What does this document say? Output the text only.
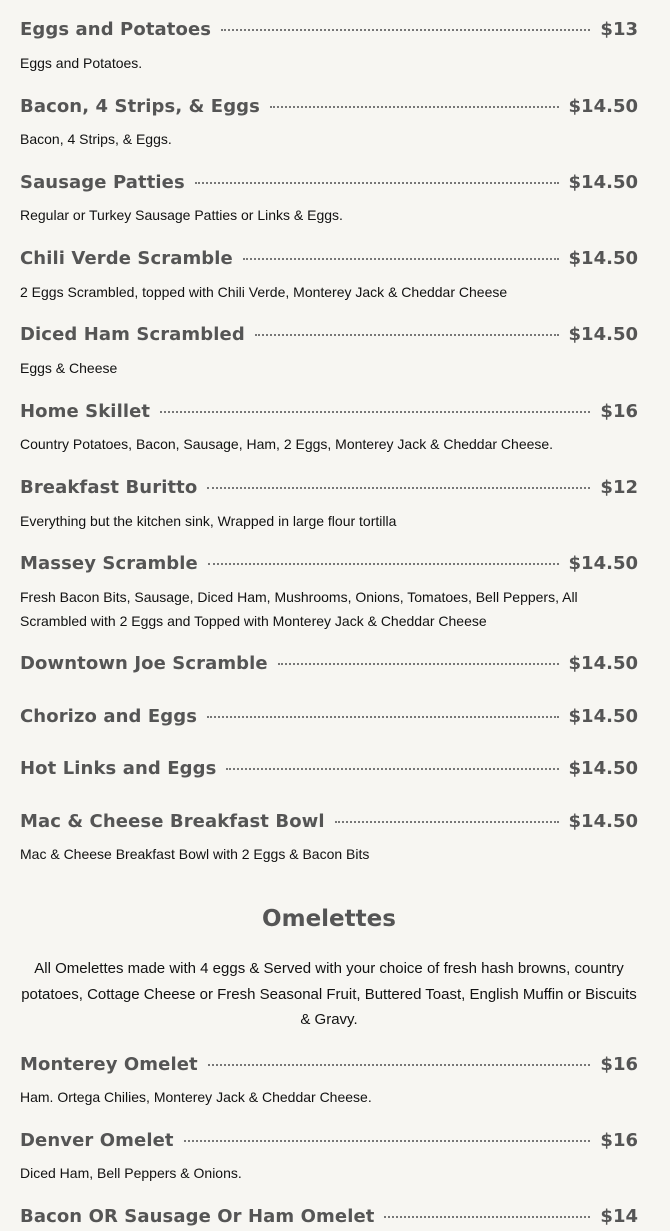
Eggs and Potatoes	$13
Eggs and Potatoes.
Bacon, 4 Strips, & Eggs	$14.50
Bacon, 4 Strips, & Eggs.
Sausage Patties	$14.50
Regular or Turkey Sausage Patties or Links & Eggs.
Chili Verde Scramble	$14.50
2 Eggs Scrambled, topped with Chili Verde, Monterey Jack & Cheddar Cheese
Diced Ham Scrambled	$14.50
Eggs & Cheese
Home Skillet	$16
Country Potatoes, Bacon, Sausage, Ham, 2 Eggs, Monterey Jack & Cheddar Cheese.
Breakfast Buritto	$12
Everything but the kitchen sink, Wrapped in large flour tortilla
Massey Scramble	$14.50
Fresh Bacon Bits, Sausage, Diced Ham, Mushrooms, Onions, Tomatoes, Bell Peppers, All Scrambled with 2 Eggs and Topped with Monterey Jack & Cheddar Cheese
Downtown Joe Scramble	$14.50
Chorizo and Eggs	$14.50
Hot Links and Eggs	$14.50
Mac & Cheese Breakfast Bowl	$14.50
Mac & Cheese Breakfast Bowl with 2 Eggs & Bacon Bits
Omelettes
All Omelettes made with 4 eggs & Served with your choice of fresh hash browns, country potatoes, Cottage Cheese or Fresh Seasonal Fruit, Buttered Toast, English Muffin or Biscuits & Gravy.
Monterey Omelet	$16
Ham. Ortega Chilies, Monterey Jack & Cheddar Cheese.
Denver Omelet	$16
Diced Ham, Bell Peppers & Onions.
Bacon OR Sausage Or Ham Omelet	$14
